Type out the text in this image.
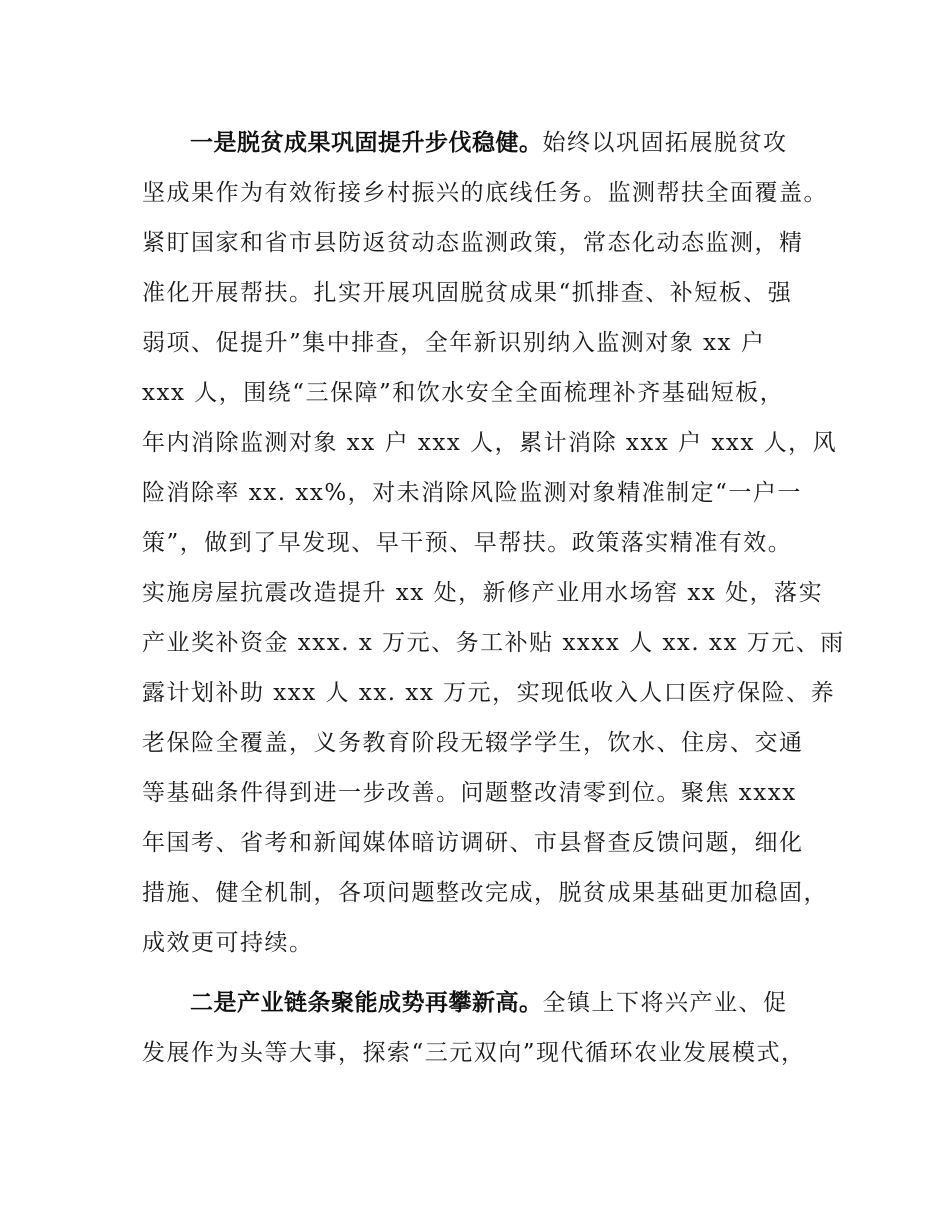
一是脱贫成果巩固提升步伐稳健。始终以巩固拓展脱贫攻
坚成果作为有效衔接乡村振兴的底线任务。监测帮扶全面覆盖。
紧盯国家和省市县防返贫动态监测政策，常态化动态监测，精
准化开展帮扶。扎实开展巩固脱贫成果“抓排查、补短板、强
弱项、促提升”集中排查，全年新识别纳入监测对象 xx 户
xxx 人，围绕“三保障”和饮水安全全面梳理补齐基础短板，
年内消除监测对象 xx 户 xxx 人，累计消除 xxx 户 xxx 人，风
险消除率 xx. xx%，对未消除风险监测对象精准制定“一户一
策”，做到了早发现、早干预、早帮扶。政策落实精准有效。
实施房屋抗震改造提升 xx 处，新修产业用水场窖 xx 处，落实
产业奖补资金 xxx. x 万元、务工补贴 xxxx 人 xx. xx 万元、雨
露计划补助 xxx 人 xx. xx 万元，实现低收入人口医疗保险、养
老保险全覆盖，义务教育阶段无辍学学生，饮水、住房、交通
等基础条件得到进一步改善。问题整改清零到位。聚焦 xxxx
年国考、省考和新闻媒体暗访调研、市县督查反馈问题，细化
措施、健全机制，各项问题整改完成，脱贫成果基础更加稳固，
成效更可持续。
二是产业链条聚能成势再攀新高。全镇上下将兴产业、促
发展作为头等大事，探索“三元双向”现代循环农业发展模式，
